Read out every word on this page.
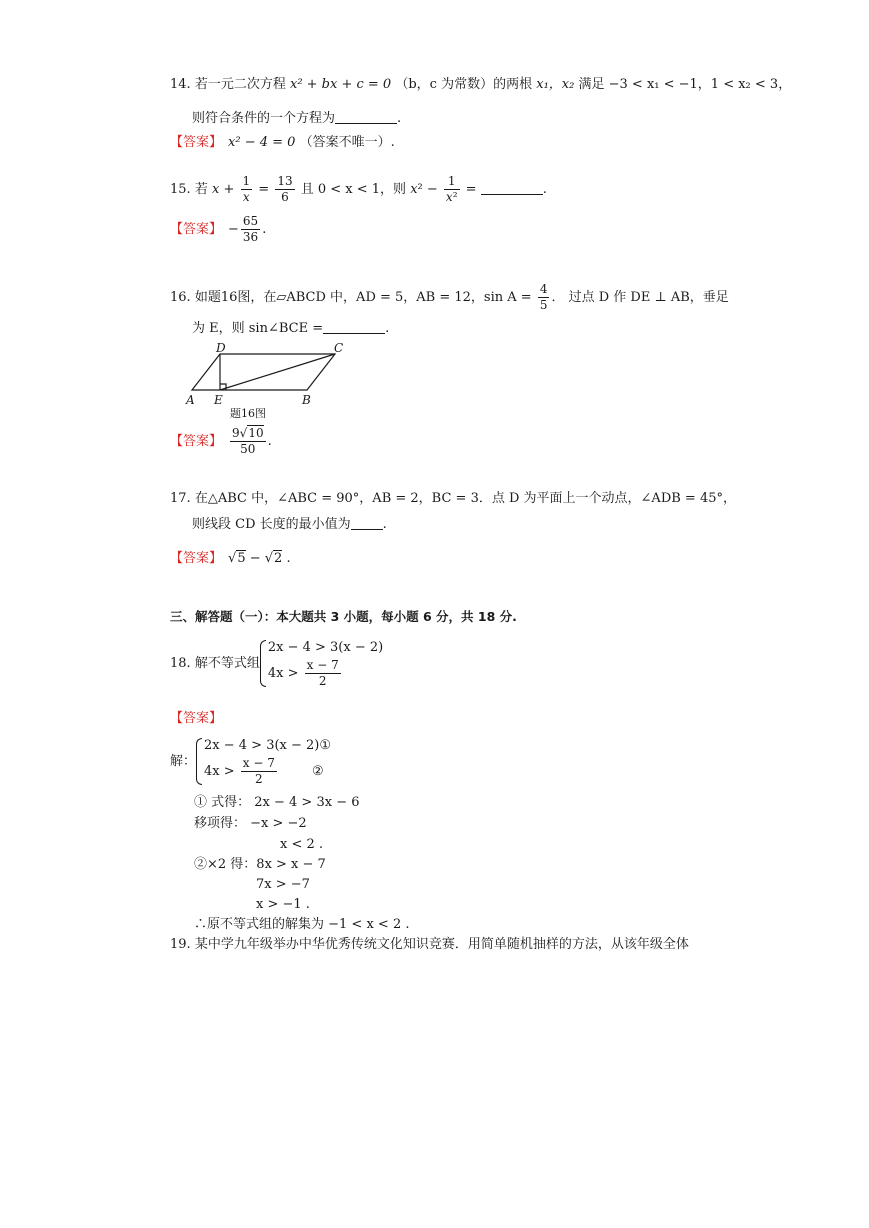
14. 若一元二次方程 x² + bx + c = 0 （b，c 为常数）的两根 x₁，x₂ 满足 −3 < x₁ < −1，1 < x₂ < 3，
则符合条件的一个方程为	.
【答案】 x² − 4 = 0 （答案不唯一）.
15. 若 $x + \frac{1}{x} = \frac{13}{6}$ 且 0 < x < 1，则 $x^2 - \frac{1}{\text{x²}}$ =	.
【答案】 − $\frac{65}{36}$ .
16. 如题16图，在▱ABCD 中，AD = 5，AB = 12，$\sin A = \frac{4}{5}$ ． 过点 D 作 DE ⊥ AB，垂足
为 E，则 sin∠BCE =	.
A E	B
D	C
题16图
【答案】 $\frac{9√10}{50}$ .
17. 在△ABC 中，∠ABC = 90°，AB = 2，BC = 3．点 D 为平面上一个动点，∠ADB = 45°，
则线段 CD 长度的最小值为 .
【答案】 √5 − √2 .
三、解答题（一）：本大题共 3 小题，每小题 6 分，共 18 分.
18. 解不等式组
2x − 4 > 3(x − 2)
$4x > \frac{x - 7}{2}$
【答案】
解：
2x − 4 > 3(x − 2)①
$4x > \frac{x - 7}{2}$	②
① 式得： 2x − 4 > 3x − 6
移项得： −x > −2
x < 2 .
②×2 得：8x > x − 7
7x > −7
x > −1 .
∴原不等式组的解集为 −1 < x < 2 .
19. 某中学九年级举办中华优秀传统文化知识竞赛．用简单随机抽样的方法，从该年级全体
